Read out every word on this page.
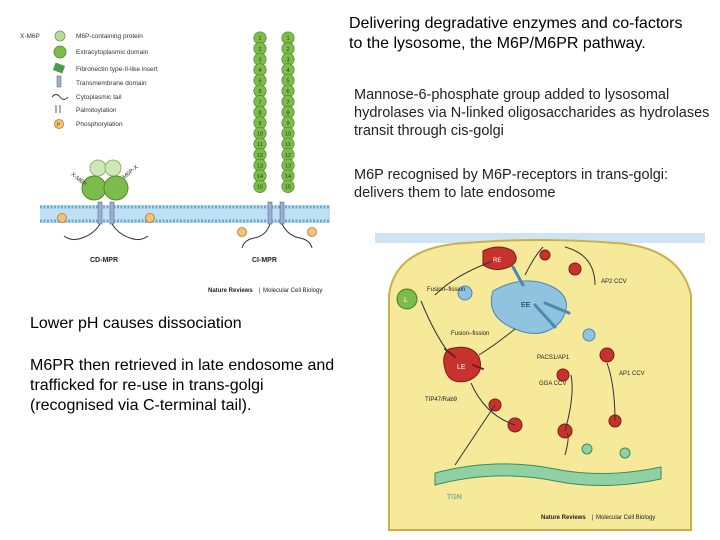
Delivering degradative enzymes and co-factors to the lysosome, the M6P/M6PR pathway.
Mannose-6-phosphate group added to lysosomal hydrolases via N-linked oligosaccharides as hydrolases transit through cis-golgi
M6P recognised by M6P-receptors in trans-golgi: delivers them to late endosome
Lower pH causes dissociation
M6PR then retrieved in late endosome and trafficked for re-use in trans-golgi (recognised via C-terminal tail).
X-M6P	M6P-containing protein
Extracytoplasmic domain
Fibronectin type-II-like insert
Transmembrane domain
Cytoplasmic tail
Palmitoylation
P Phosphorylation
X-M6P	M6P-X
CD-MPR
1
2
3
4
5
6
7
8
9
10
11
12
13
14
15
1
2
3
4
5
6
7
8
9
10
11
12
13
14
15
CI-MPR
Nature Reviews | Molecular Cell Biology
TGN
EE
RE
L
LE
Fusion–fission
Fusion–fission
AP2 CCV
PACS1/AP1
GGA CCV
AP1 CCV
TIP47/Rab9
Nature Reviews | Molecular Cell Biology
